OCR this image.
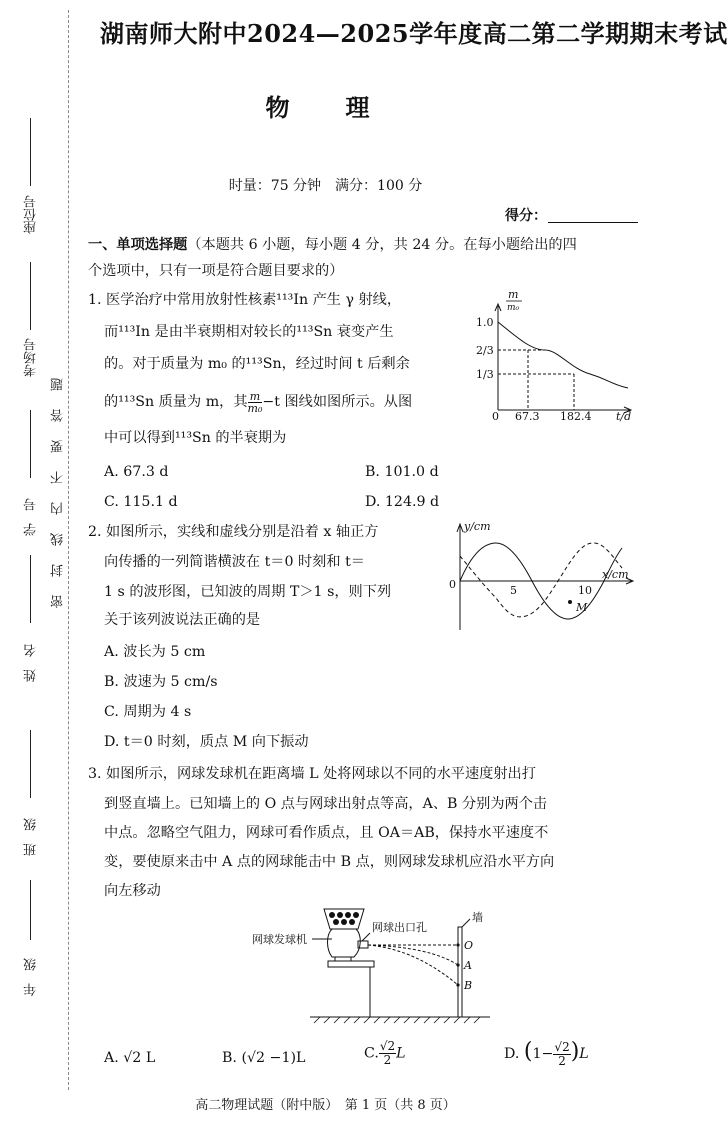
湖南师大附中2024—2025学年度高二第二学期期末考试
物　理
时量：75 分钟　满分：100 分
得分：
座位号
考场号
学号
姓名
班级
年级
密封线内不要答题
一、单项选择题（本题共 6 小题，每小题 4 分，共 24 分。在每小题给出的四
个选项中，只有一项是符合题目要求的）
1. 医学治疗中常用放射性核素¹¹³In 产生 γ 射线，
而¹¹³In 是由半衰期相对较长的¹¹³Sn 衰变产生
的。对于质量为 m₀ 的¹¹³Sn，经过时间 t 后剩余
的¹¹³Sn 质量为 m，其 $\frac{m}{\text{m₀}} -t$ 图线如图所示。从图
中可以得到¹¹³Sn 的半衰期为
A. 67.3 d	B. 101.0 d
C. 115.1 d	D. 124.9 d
m
m₀
1.0
2/3
1/3
0 67.3 182.4 t/d
2. 如图所示，实线和虚线分别是沿着 x 轴正方
向传播的一列简谐横波在 t＝0 时刻和 t＝
1 s 的波形图，已知波的周期 T＞1 s，则下列
关于该列波说法正确的是
A. 波长为 5 cm
B. 波速为 5 cm/s
C. 周期为 4 s
D. t＝0 时刻，质点 M 向下振动
y/cm
x/cm
0	5	10
M
3. 如图所示，网球发球机在距离墙 L 处将网球以不同的水平速度射出打
到竖直墙上。已知墙上的 O 点与网球出射点等高，A、B 分别为两个击
中点。忽略空气阻力，网球可看作质点，且 OA＝AB，保持水平速度不
变，要使原来击中 A 点的网球能击中 B 点，则网球发球机应沿水平方向
向左移动
网球发球机
网球出口孔
墙
O
A
B
A. √2 L	B. (√2 −1)L	C. $\frac{√2}{2}$ L	D. $(1- \frac{√2}{2} )L$
高二物理试题（附中版）　第 1 页（共 8 页）
